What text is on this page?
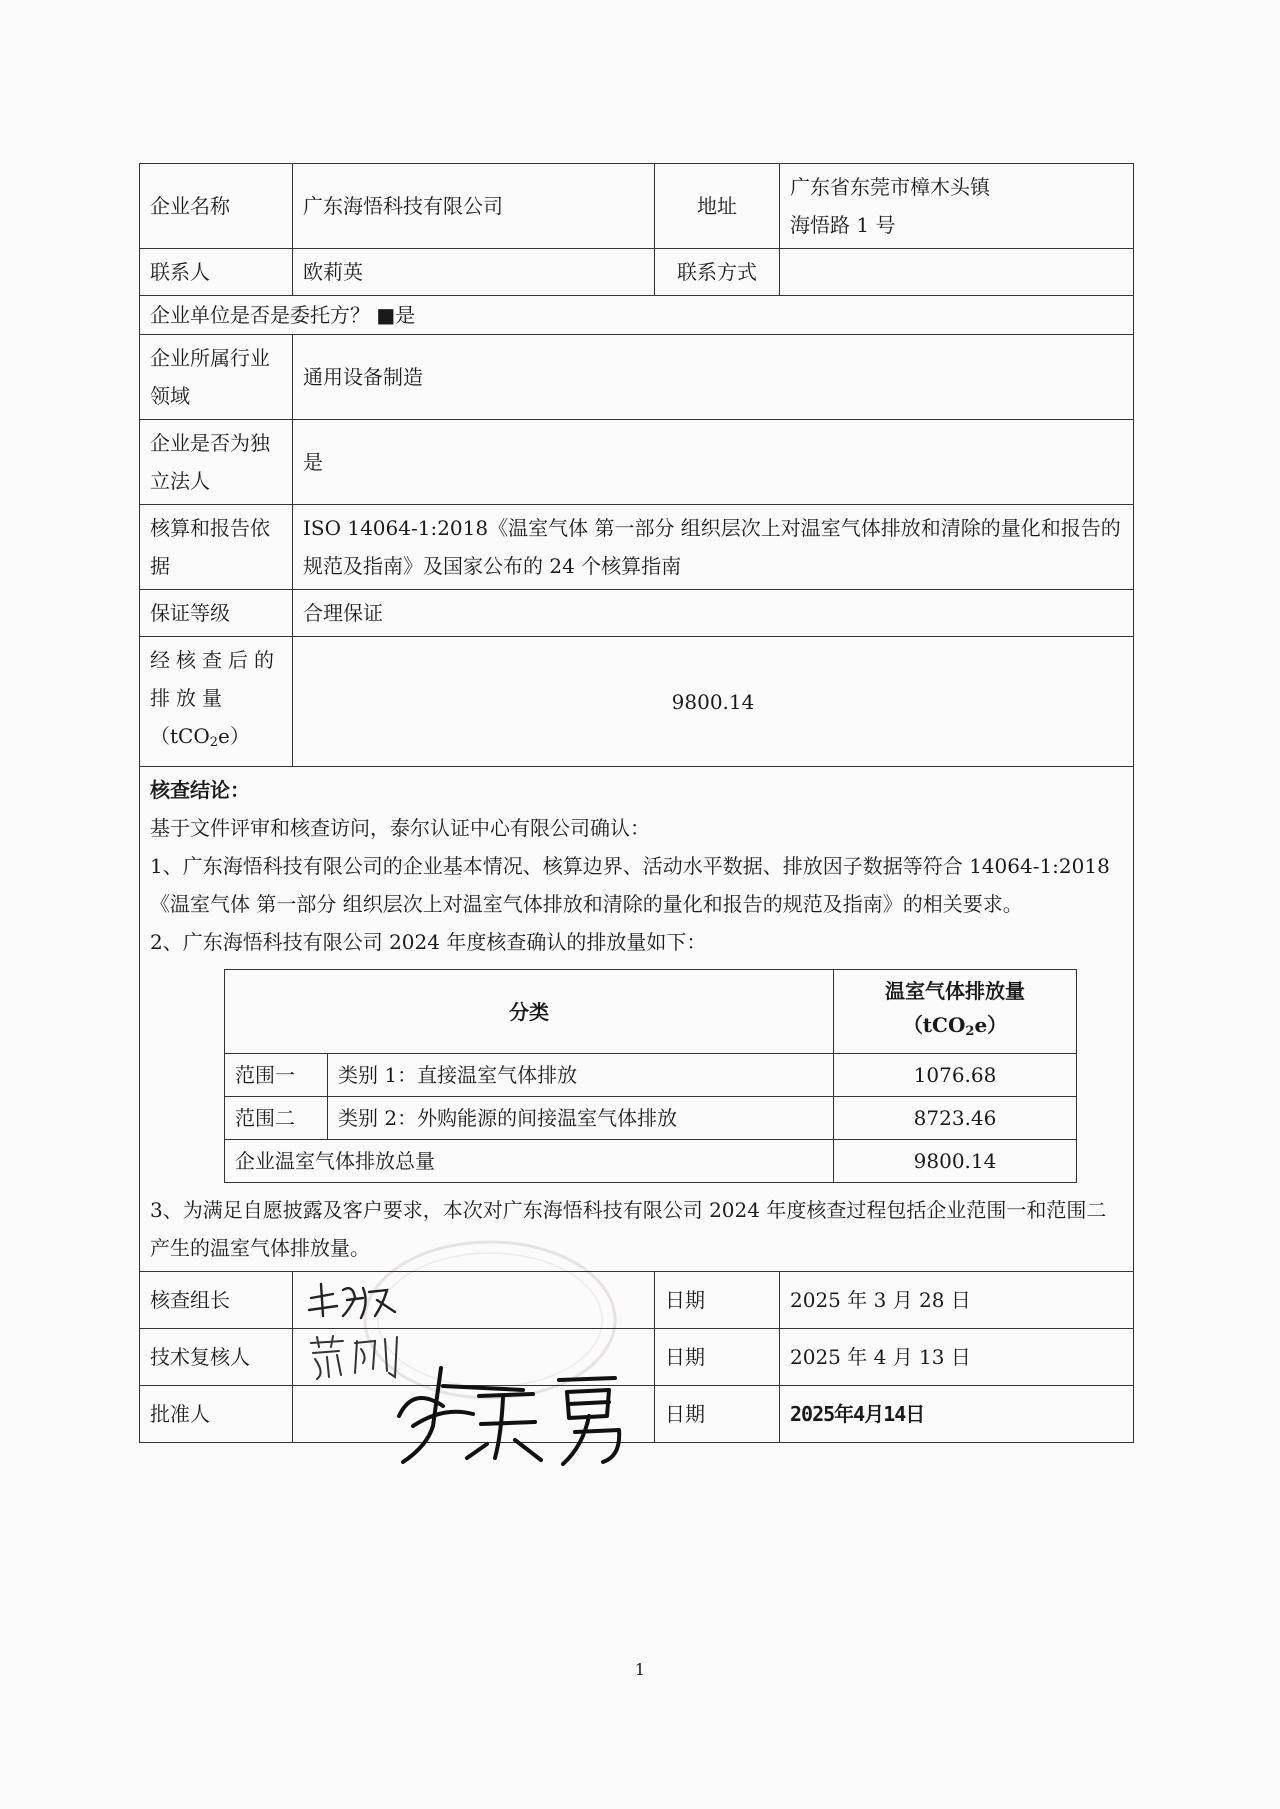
企业名称	广东海悟科技有限公司	地址	
广东省东莞市樟木头镇
海悟路 1 号

联系人	欧莉英	联系方式	
企业单位是否是委托方？ ■是
企业所属行业领域	通用设备制造
企业是否为独立法人	是
核算和报告依据	ISO 14064-1:2018《温室气体 第一部分 组织层次上对温室气体排放和清除的量化和报告的规范及指南》及国家公布的 24 个核算指南
保证等级	合理保证

经核查后的排放量
（tCO$_2$e）
	9800.14

核查结论：

基于文件评审和核查访问，泰尔认证中心有限公司确认：

1、广东海悟科技有限公司的企业基本情况、核算边界、活动水平数据、排放因子数据等符合 14064-1:2018《温室气体 第一部分 组织层次上对温室气体排放和清除的量化和报告的规范及指南》的相关要求。

2、广东海悟科技有限公司 2024 年度核查确认的排放量如下：

分类	
温室气体排放量
（tCO$_2$e）

范围一	类别 1：直接温室气体排放	1076.68
范围二	类别 2：外购能源的间接温室气体排放	8723.46
企业温室气体排放总量	9800.14

3、为满足自愿披露及客户要求，本次对广东海悟科技有限公司 2024 年度核查过程包括企业范围一和范围二产生的温室气体排放量。

核查组长		日期	2025 年 3 月 28 日
技术复核人		日期	2025 年 4 月 13 日
批准人		日期	2025年4月14日
1
